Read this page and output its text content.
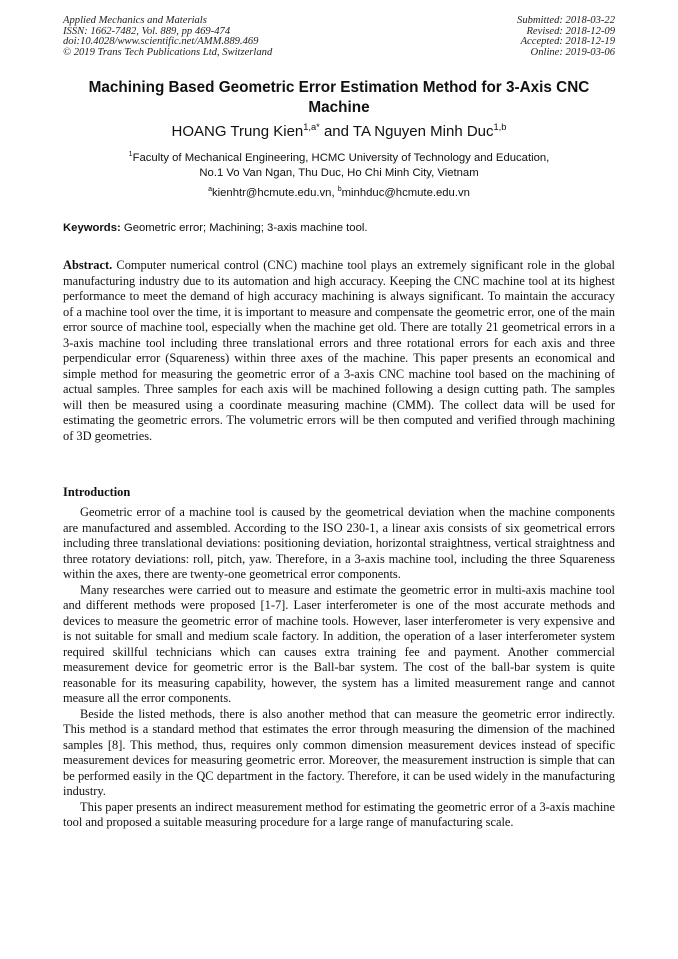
Applied Mechanics and Materials
ISSN: 1662-7482, Vol. 889, pp 469-474
doi:10.4028/www.scientific.net/AMM.889.469
© 2019 Trans Tech Publications Ltd, Switzerland
Submitted: 2018-03-22
Revised: 2018-12-09
Accepted: 2018-12-19
Online: 2019-03-06
Machining Based Geometric Error Estimation Method for 3-Axis CNC
Machine
HOANG Trung Kien$^{1,a*}$ and TA Nguyen Minh Duc$^{1,b}$
$^1$Faculty of Mechanical Engineering, HCMC University of Technology and Education,
No.1 Vo Van Ngan, Thu Duc, Ho Chi Minh City, Vietnam
$^a$kienhtr@hcmute.edu.vn, $^b$minhduc@hcmute.edu.vn
Keywords: Geometric error; Machining; 3-axis machine tool.
Abstract. Computer numerical control (CNC) machine tool plays an extremely significant role in the global manufacturing industry due to its automation and high accuracy. Keeping the CNC machine tool at its highest performance to meet the demand of high accuracy machining is always significant. To maintain the accuracy of a machine tool over the time, it is important to measure and compensate the geometric error, one of the main error source of machine tool, especially when the machine get old. There are totally 21 geometrical errors in a 3-axis machine tool including three translational errors and three rotational errors for each axis and three perpendicular error (Squareness) within three axes of the machine. This paper presents an economical and simple method for measuring the geometric error of a 3-axis CNC machine tool based on the machining of actual samples. Three samples for each axis will be machined following a design cutting path. The samples will then be measured using a coordinate measuring machine (CMM). The collect data will be used for estimating the geometric errors. The volumetric errors will be then computed and verified through machining of 3D geometries.
Introduction

Geometric error of a machine tool is caused by the geometrical deviation when the machine components are manufactured and assembled. According to the ISO 230-1, a linear axis consists of six geometrical errors including three translational deviations: positioning deviation, horizontal straightness, vertical straightness and three rotatory deviations: roll, pitch, yaw. Therefore, in a 3-axis machine tool, including the three Squareness within the axes, there are twenty-one geometrical error components.

Many researches were carried out to measure and estimate the geometric error in multi-axis machine tool and different methods were proposed [1-7]. Laser interferometer is one of the most accurate methods and devices to measure the geometric error of machine tools. However, laser interferometer is very expensive and is not suitable for small and medium scale factory. In addition, the operation of a laser interferometer system required skillful technicians which can causes extra training fee and payment. Another commercial measurement device for geometric error is the Ball-bar system. The cost of the ball-bar system is quite reasonable for its measuring capability, however, the system has a limited measurement range and cannot measure all the error components.

Beside the listed methods, there is also another method that can measure the geometric error indirectly. This method is a standard method that estimates the error through measuring the dimension of the machined samples [8]. This method, thus, requires only common dimension measurement devices instead of specific measurement devices for measuring geometric error. Moreover, the measurement instruction is simple that can be performed easily in the QC department in the factory. Therefore, it can be used widely in the manufacturing industry.

This paper presents an indirect measurement method for estimating the geometric error of a 3-axis machine tool and proposed a suitable measuring procedure for a large range of manufacturing scale.
